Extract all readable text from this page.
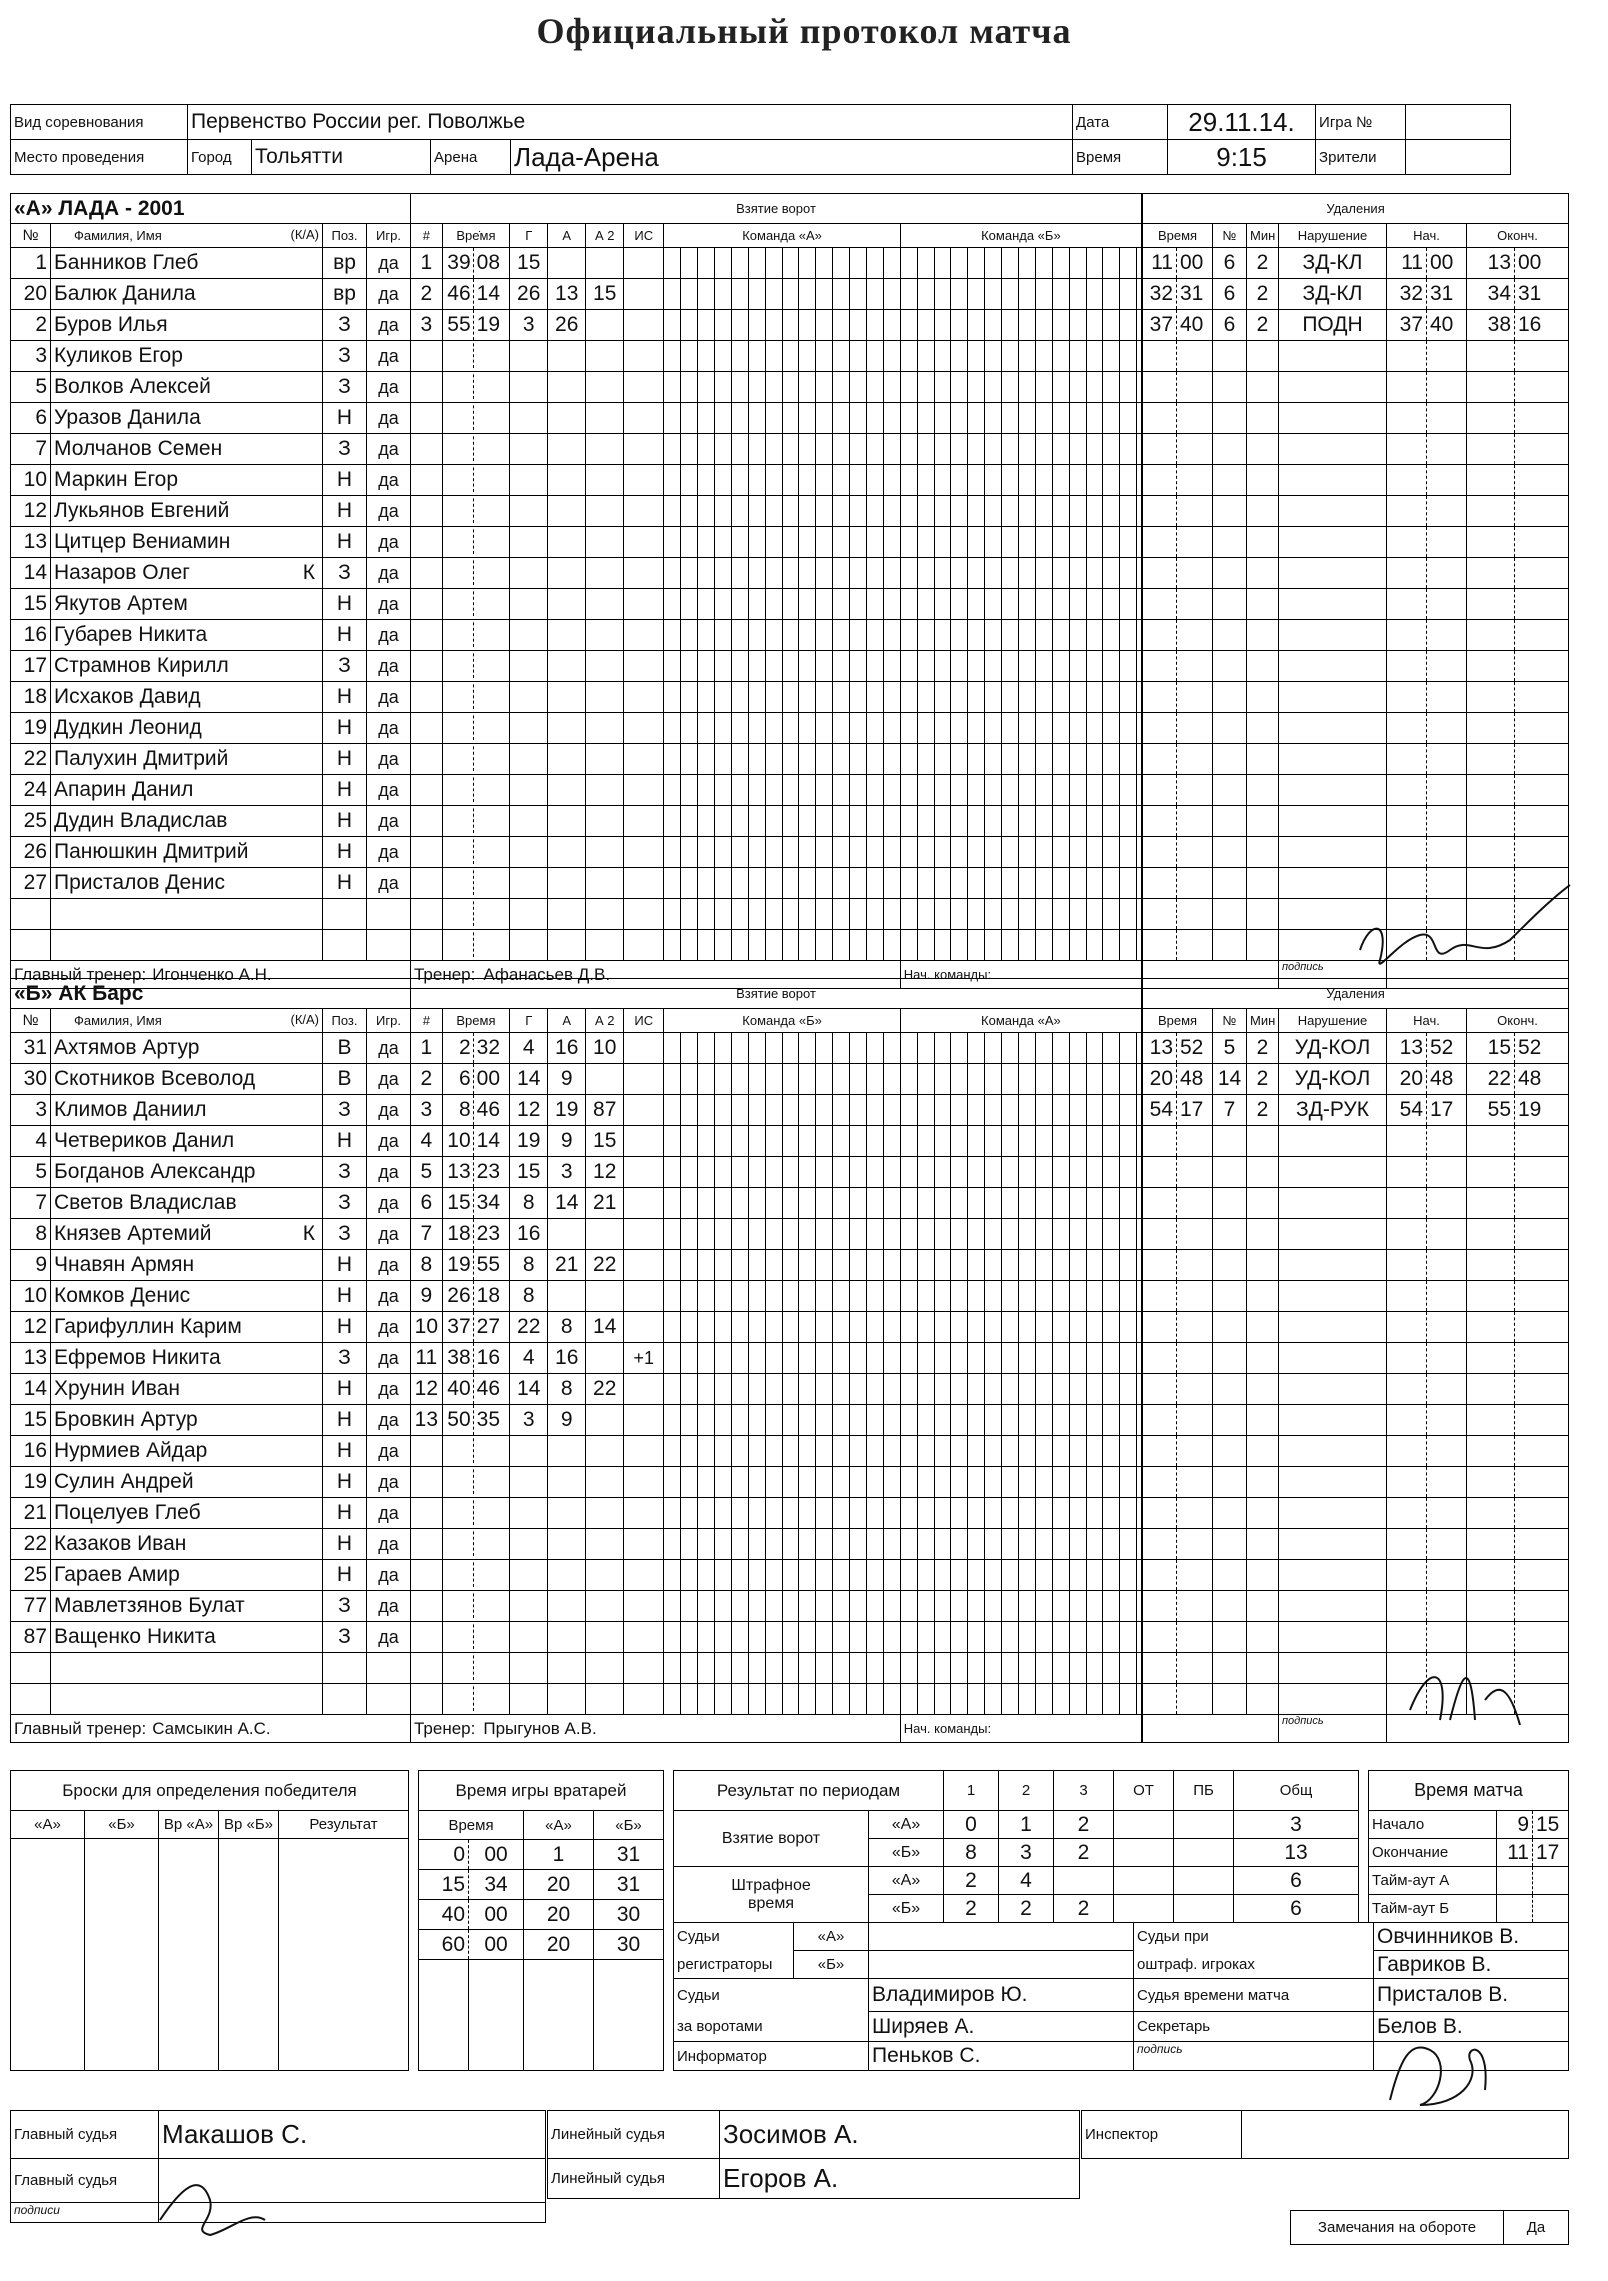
Официальный протокол матча
Вид соревнования	Первенство России рег. Поволжье				Дата	29.11.14.	Игра №	
Место проведения	Город	Тольятти	Арена	Лада-Арена	Время	9:15	Зрители	
Броски для определения победителя				
«А»	«Б»	Вр «А»	Вр «Б»	Результат

Время игры вратарей			
Время		«А»	«Б»
0	00	1	31
15	34	20	31
40	00	20	30
60	00	20	30

Результат по периодам		1	2	3	ОТ	ПБ	Общ
Взятие ворот	«А»	0	1	2			3
	«Б»	8	3	2			13
Штрафное время	«А»	2	4				6
	«Б»	2	2	2			6
Время матча		
Начало	9	15
Окончание	11	17
Тайм-аут А		
Тайм-аут Б		
Судьи	«А»		Судьи при	Овчинников В.
регистраторы	«Б»		оштраф. игроках	Гавриков В.
Судьи		Владимиров Ю.	Судья времени матча	Присталов В.
за воротами		Ширяев А.	Секретарь	Белов В.
Информатор		Пеньков С.	подпись	
Главный судья	Макашов С.
Главный судья	
подписи	
Линейный судья	Зосимов А.
Линейный судья	Егоров А.
Инспектор	
Замечания на обороте	Да
«А» ЛАДА - 2001			
№	Фамилия, Имя (К/А)	Поз.	Игр.
1	Банников Глеб	вр	да
20	Балюк Данила	вр	да
2	Буров Илья	З	да
3	Куликов Егор	З	да
5	Волков Алексей	З	да
6	Уразов Данила	Н	да
7	Молчанов Семен	З	да
10	Маркин Егор	Н	да
12	Лукьянов Евгений	Н	да
13	Цитцер Вениамин	Н	да
14	Назаров Олег К	З	да
15	Якутов Артем	Н	да
16	Губарев Никита	Н	да
17	Страмнов Кирилл	З	да
18	Исхаков Давид	Н	да
19	Дудкин Леонид	Н	да
22	Палухин Дмитрий	Н	да
24	Апарин Данил	Н	да
25	Дудин Владислав	Н	да
26	Панюшкин Дмитрий	Н	да
27	Присталов Денис	Н	да

Главный тренер: Игонченко А.Н.			
Взятие ворот																																		
#	Вре̇мя	Г	А	А 2	ИС	Команда «А»														Команда «Б»														
1	39 08	15																																
2	46 14	26	13	15																														
3	55 19	3	26																															

Тренер: Афанасьев Д.В.																				Нач. команды:														
Удаления								
Время		№	Мин	Нарушение	Нач.		Оконч.	
11	00	6	2	ЗД-КЛ	11	00	13	00
32	31	6	2	ЗД-КЛ	32	31	34	31
37	40	6	2	ПОДН	37	40	38	16

				подпись				
«Б» АК Барс			
№	Фамилия, Имя (К/А)	Поз.	Игр.
31	Ахтямов Артур	В	да
30	Скотников Всеволод	В	да
3	Климов Даниил	З	да
4	Четвериков Данил	Н	да
5	Богданов Александр	З	да
7	Светов Владислав	З	да
8	Князев Артемий К	З	да
9	Чнавян Армян	Н	да
10	Комков Денис	Н	да
12	Гарифуллин Карим	Н	да
13	Ефремов Никита	З	да
14	Хрунин Иван	Н	да
15	Бровкин Артур	Н	да
16	Нурмиев Айдар	Н	да
19	Сулин Андрей	Н	да
21	Поцелуев Глеб	Н	да
22	Казаков Иван	Н	да
25	Гараев Амир	Н	да
77	Мавлетзянов Булат	З	да
87	Ващенко Никита	З	да

Главный тренер: Самсыкин А.С.			
Взятие ворот																																		
#	Время	Г	А	А 2	ИС	Команда «Б»														Команда «А»														
1	2 32	4	16	10																														
2	6 00	14	9																															
3	8 46	12	19	87																														
4	10 14	19	9	15																														
5	13 23	15	3	12																														
6	15 34	8	14	21																														
7	18 23	16																																
8	19 55	8	21	22																														
9	26 18	8																																
10	37 27	22	8	14																														
11	38 16	4	16		+1																													
12	40 46	14	8	22																														
13	50 35	3	9																															

Тренер: Прыгунов А.В.																				Нач. команды:														
Удаления								
Время		№	Мин	Нарушение	Нач.		Оконч.	
13	52	5	2	УД-КОЛ	13	52	15	52
20	48	14	2	УД-КОЛ	20	48	22	48
54	17	7	2	ЗД-РУК	54	17	55	19

				подпись				
